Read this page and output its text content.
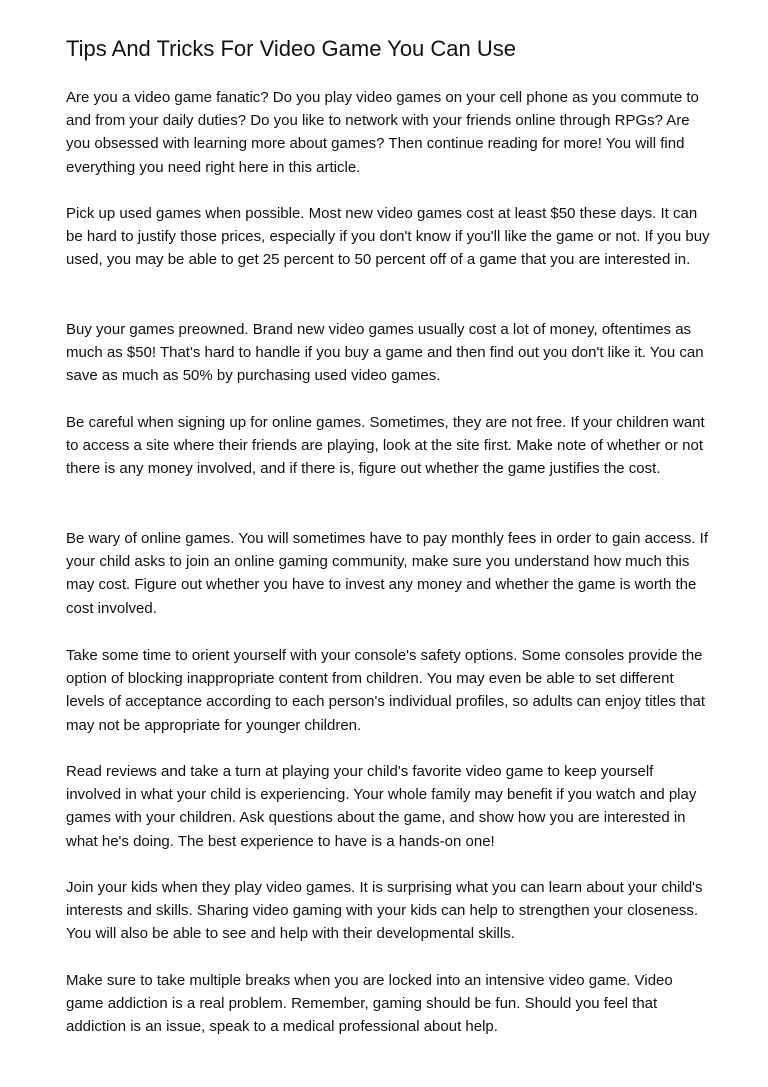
Tips And Tricks For Video Game You Can Use

Are you a video game fanatic? Do you play video games on your cell phone as you commute to and from your daily duties? Do you like to network with your friends online through RPGs? Are you obsessed with learning more about games? Then continue reading for more! You will find everything you need right here in this article.

Pick up used games when possible. Most new video games cost at least $50 these days. It can be hard to justify those prices, especially if you don't know if you'll like the game or not. If you buy used, you may be able to get 25 percent to 50 percent off of a game that you are interested in.

Buy your games preowned. Brand new video games usually cost a lot of money, oftentimes as much as $50! That's hard to handle if you buy a game and then find out you don't like it. You can save as much as 50% by purchasing used video games.

Be careful when signing up for online games. Sometimes, they are not free. If your children want to access a site where their friends are playing, look at the site first. Make note of whether or not there is any money involved, and if there is, figure out whether the game justifies the cost.

Be wary of online games. You will sometimes have to pay monthly fees in order to gain access. If your child asks to join an online gaming community, make sure you understand how much this may cost. Figure out whether you have to invest any money and whether the game is worth the cost involved.

Take some time to orient yourself with your console's safety options. Some consoles provide the option of blocking inappropriate content from children. You may even be able to set different levels of acceptance according to each person's individual profiles, so adults can enjoy titles that may not be appropriate for younger children.

Read reviews and take a turn at playing your child's favorite video game to keep yourself involved in what your child is experiencing. Your whole family may benefit if you watch and play games with your children. Ask questions about the game, and show how you are interested in what he's doing. The best experience to have is a hands-on one!

Join your kids when they play video games. It is surprising what you can learn about your child's interests and skills. Sharing video gaming with your kids can help to strengthen your closeness. You will also be able to see and help with their developmental skills.

Make sure to take multiple breaks when you are locked into an intensive video game. Video game addiction is a real problem. Remember, gaming should be fun. Should you feel that addiction is an issue, speak to a medical professional about help.
